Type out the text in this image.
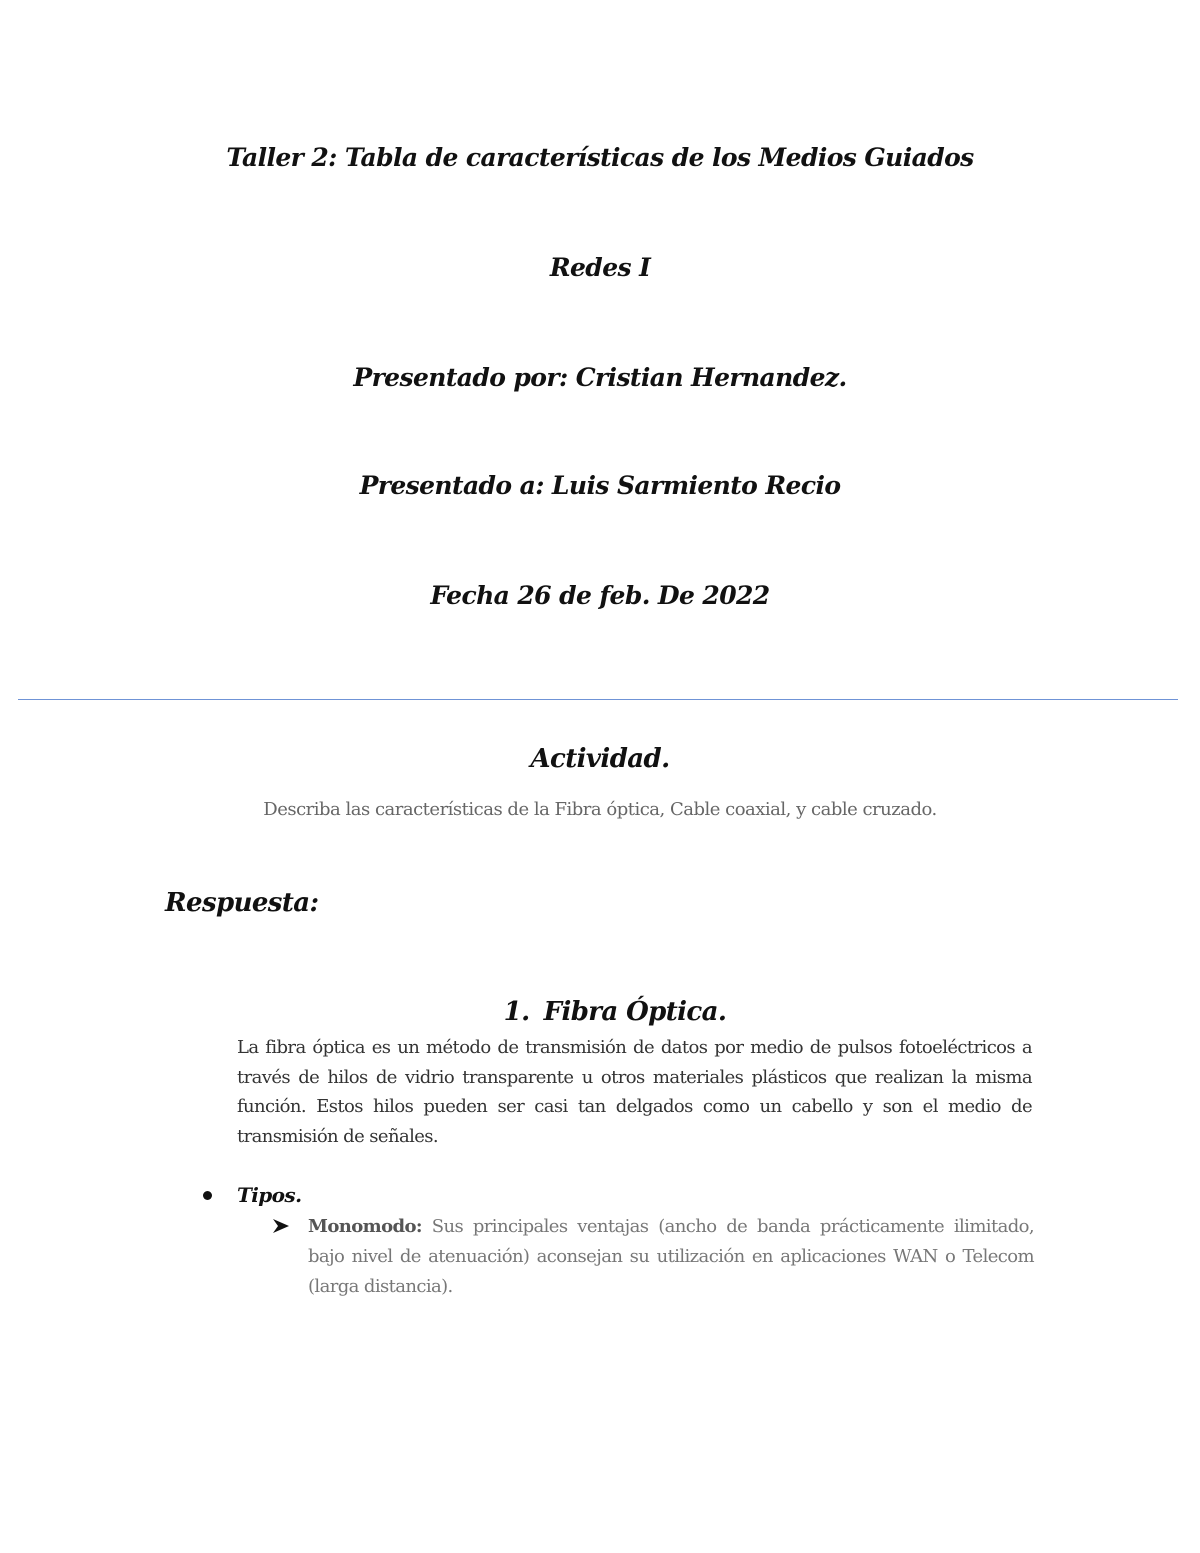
Taller 2: Tabla de características de los Medios Guiados
Redes I
Presentado por: Cristian Hernandez.
Presentado a: Luis Sarmiento Recio
Fecha 26 de feb. De 2022
Actividad.
Describa las características de la Fibra óptica, Cable coaxial, y cable cruzado.
Respuesta:
1. Fibra Óptica.
La fibra óptica es un método de transmisión de datos por medio de pulsos fotoeléctricos a través de hilos de vidrio transparente u otros materiales plásticos que realizan la misma función. Estos hilos pueden ser casi tan delgados como un cabello y son el medio de transmisión de señales.
Tipos.
Monomodo: Sus principales ventajas (ancho de banda prácticamente ilimitado, bajo nivel de atenuación) aconsejan su utilización en aplicaciones WAN o Telecom (larga distancia).
